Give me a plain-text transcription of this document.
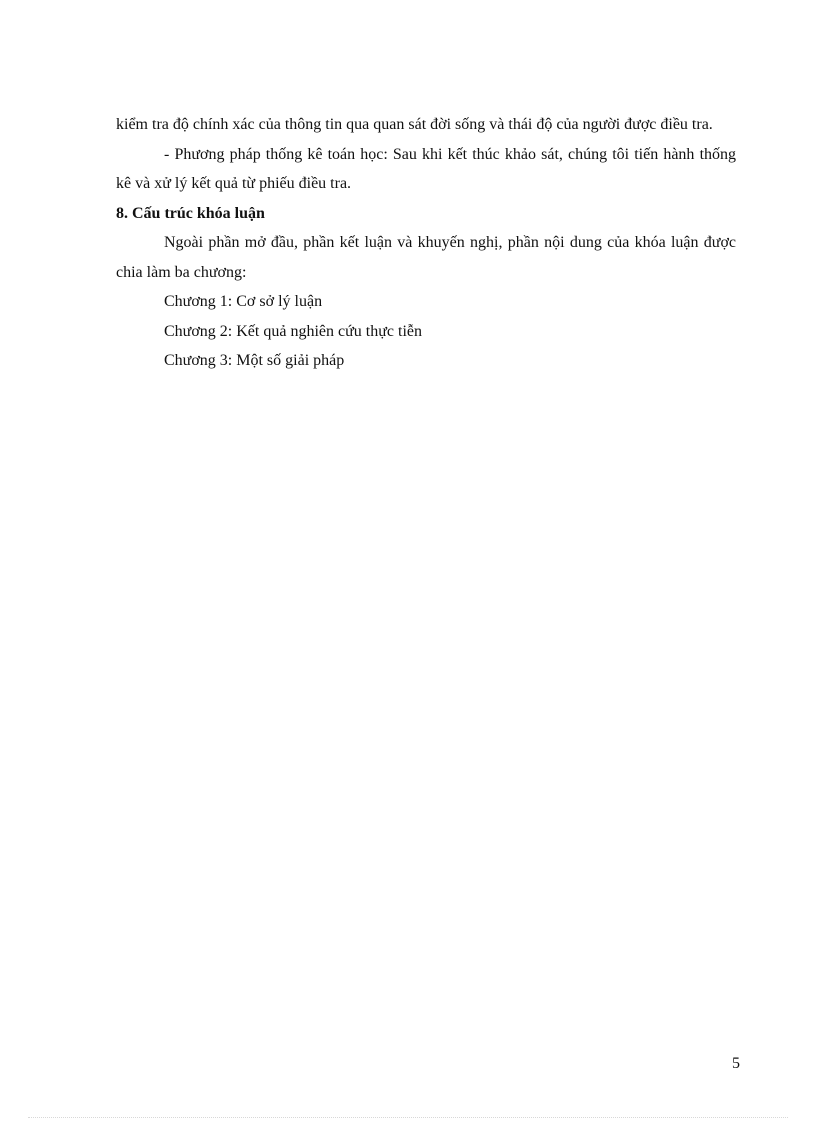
kiểm tra độ chính xác của thông tin qua quan sát đời sống và thái độ của người được điều tra.

- Phương pháp thống kê toán học: Sau khi kết thúc khảo sát, chúng tôi tiến hành thống kê và xử lý kết quả từ phiếu điều tra.

8. Cấu trúc khóa luận

Ngoài phần mở đầu, phần kết luận và khuyến nghị, phần nội dung của khóa luận được chia làm ba chương:

Chương 1: Cơ sở lý luận

Chương 2: Kết quả nghiên cứu thực tiễn

Chương 3: Một số giải pháp

5
